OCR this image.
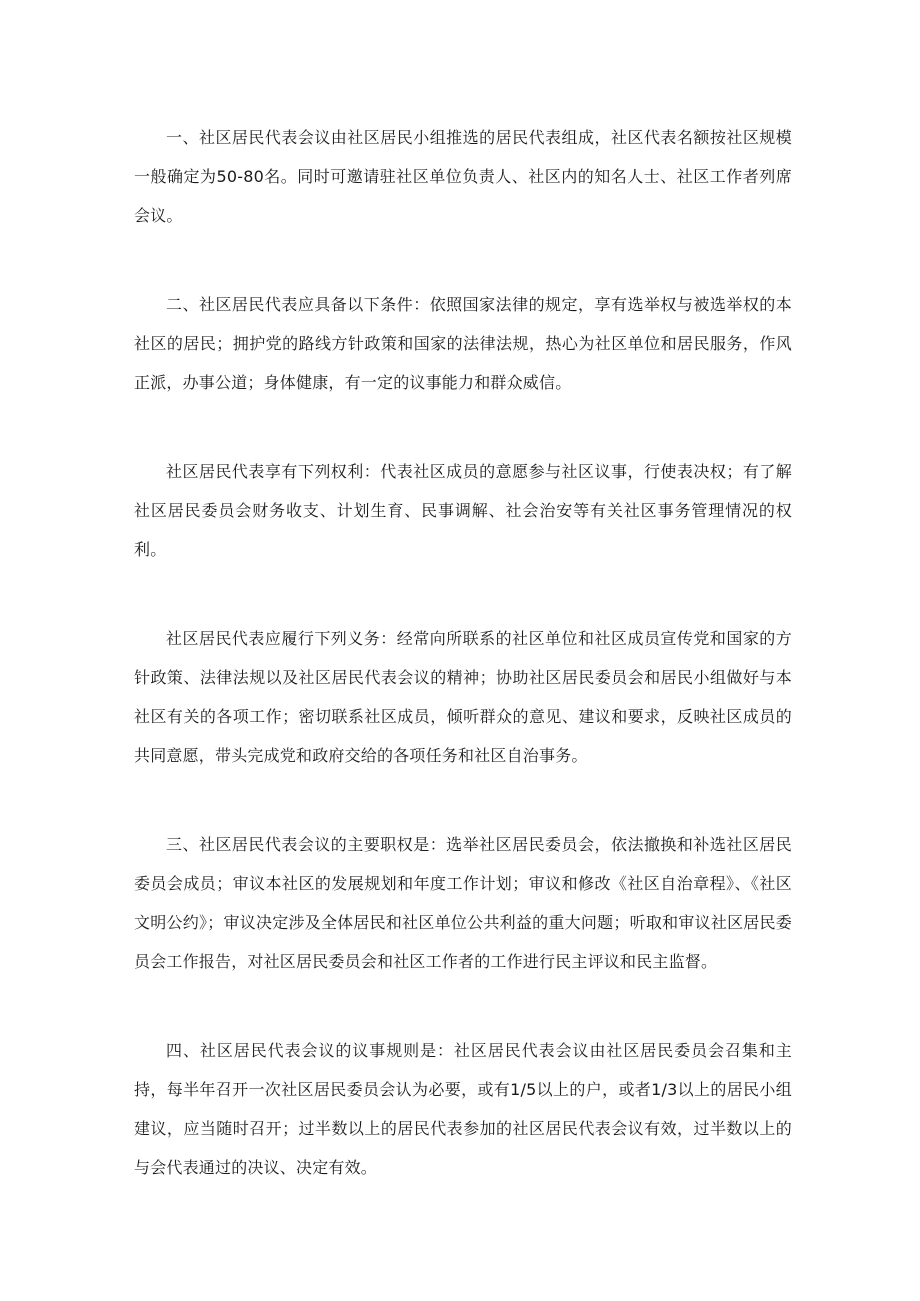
一、社区居民代表会议由社区居民小组推选的居民代表组成，社区代表名额按社区规模一般确定为50-80名。同时可邀请驻社区单位负责人、社区内的知名人士、社区工作者列席会议。

二、社区居民代表应具备以下条件：依照国家法律的规定，享有选举权与被选举权的本社区的居民；拥护党的路线方针政策和国家的法律法规，热心为社区单位和居民服务，作风正派，办事公道；身体健康，有一定的议事能力和群众威信。

社区居民代表享有下列权利：代表社区成员的意愿参与社区议事，行使表决权；有了解社区居民委员会财务收支、计划生育、民事调解、社会治安等有关社区事务管理情况的权利。

社区居民代表应履行下列义务：经常向所联系的社区单位和社区成员宣传党和国家的方针政策、法律法规以及社区居民代表会议的精神；协助社区居民委员会和居民小组做好与本社区有关的各项工作；密切联系社区成员，倾听群众的意见、建议和要求，反映社区成员的共同意愿，带头完成党和政府交给的各项任务和社区自治事务。

三、社区居民代表会议的主要职权是：选举社区居民委员会，依法撤换和补选社区居民委员会成员；审议本社区的发展规划和年度工作计划；审议和修改《社区自治章程》、《社区文明公约》；审议决定涉及全体居民和社区单位公共利益的重大问题；听取和审议社区居民委员会工作报告，对社区居民委员会和社区工作者的工作进行民主评议和民主监督。

四、社区居民代表会议的议事规则是：社区居民代表会议由社区居民委员会召集和主持，每半年召开一次社区居民委员会认为必要，或有1/5以上的户，或者1/3以上的居民小组建议，应当随时召开；过半数以上的居民代表参加的社区居民代表会议有效，过半数以上的与会代表通过的决议、决定有效。
